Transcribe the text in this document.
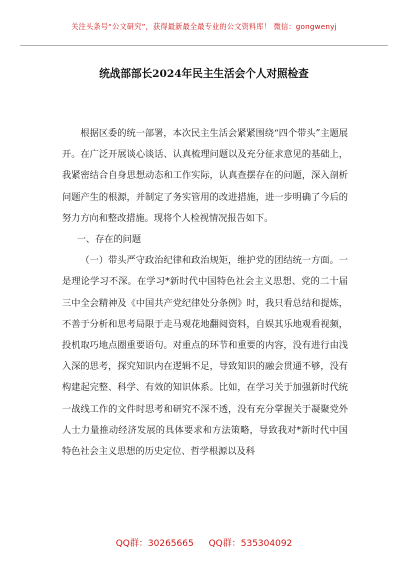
关注头条号“公文研究”，获得最新最全最专业的公文资料库！ 微信：gongwenyj
统战部部长2024年民主生活会个人对照检查

根据区委的统一部署，本次民主生活会紧紧围绕“四个带头”主题展开。在广泛开展谈心谈话、认真梳理问题以及充分征求意见的基础上，我紧密结合自身思想动态和工作实际，认真查摆存在的问题，深入剖析问题产生的根源，并制定了务实管用的改进措施，进一步明确了今后的努力方向和整改措施。现将个人检视情况报告如下。

一、存在的问题

（一）带头严守政治纪律和政治规矩，维护党的团结统一方面。一是理论学习不深。在学习*新时代中国特色社会主义思想、党的二十届三中全会精神及《中国共产党纪律处分条例》时，我只看总结和提炼，不善于分析和思考局限于走马观花地翻阅资料，自娱其乐地观看视频，投机取巧地点圈重要语句。对重点的环节和重要的内容，没有进行由浅入深的思考，探究知识内在逻辑不足，导致知识的融会贯通不够，没有构建起完整、科学、有效的知识体系。比如，在学习关于加强新时代统一战线工作的文件时思考和研究不深不透，没有充分掌握关于凝聚党外人士力量推动经济发展的具体要求和方法策略，导致我对*新时代中国特色社会主义思想的历史定位、哲学根源以及科

QQ群：30265665 QQ群：535304092
